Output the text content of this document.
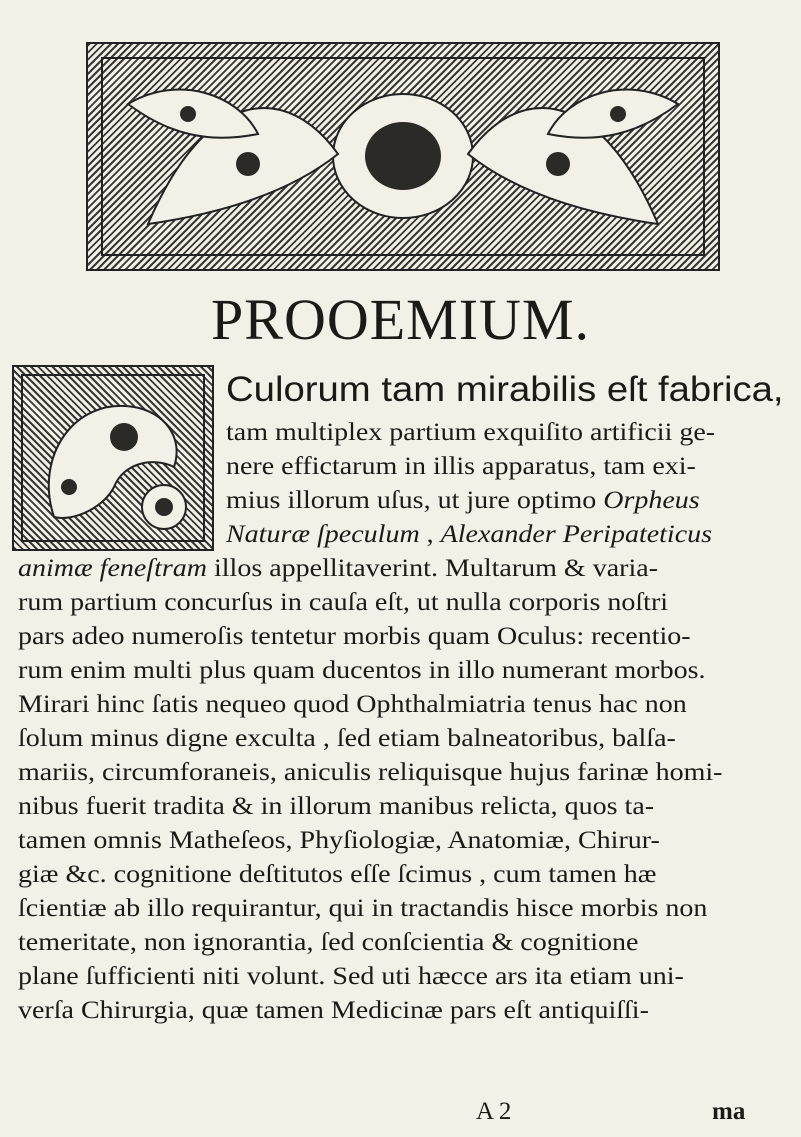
PROOEMIUM.
Culorum tam mirabilis eſt fabrica,
tam multiplex partium exquiſito artificii ge-
nere effictarum in illis apparatus, tam exi-
mius illorum uſus, ut jure optimo Orpheus
Naturæ ſpeculum , Alexander Peripateticus
animæ feneſtram illos appellitaverint. Multarum & varia-
rum partium concurſus in cauſa eſt, ut nulla corporis noſtri
pars adeo numeroſis tentetur morbis quam Oculus: recentio-
rum enim multi plus quam ducentos in illo numerant morbos.
Mirari hinc ſatis nequeo quod Ophthalmiatria tenus hac non
ſolum minus digne exculta , ſed etiam balneatoribus, balſa-
mariis, circumforaneis, aniculis reliquisque hujus farinæ homi-
nibus fuerit tradita & in illorum manibus relicta, quos ta-
tamen omnis Matheſeos, Phyſiologiæ, Anatomiæ, Chirur-
giæ &c. cognitione deſtitutos eſſe ſcimus , cum tamen hæ
ſcientiæ ab illo requirantur, qui in tractandis hisce morbis non
temeritate, non ignorantia, ſed conſcientia & cognitione
plane ſufficienti niti volunt. Sed uti hæcce ars ita etiam uni-
verſa Chirurgia, quæ tamen Medicinæ pars eſt antiquiſſi-
A 2	ma
